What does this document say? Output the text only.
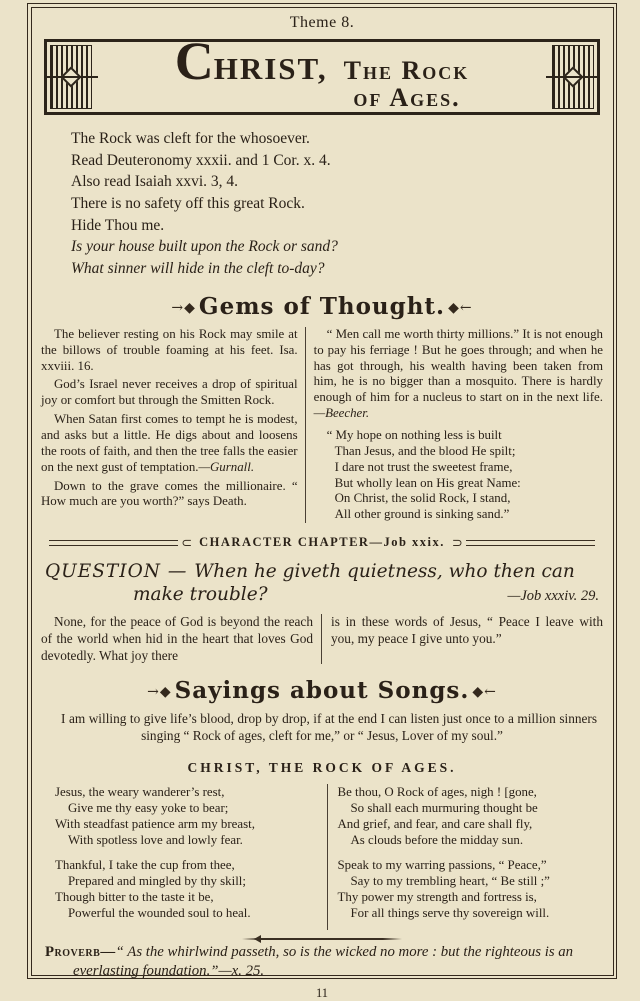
Theme 8.
C HRIST, The Rock
of Ages.
The Rock was cleft for the whosoever.
Read Deuteronomy xxxii. and 1 Cor. x. 4.
Also read Isaiah xxvi. 3, 4.
There is no safety off this great Rock.
Hide Thou me.
Is your house built upon the Rock or sand?
What sinner will hide in the cleft to-day?
→◆ Gems of Thought. ◆←

The believer resting on his Rock may smile at the billows of trouble foaming at his feet. Isa. xxviii. 16.

God’s Israel never receives a drop of spiritual joy or comfort but through the Smitten Rock.

When Satan first comes to tempt he is modest, and asks but a little. He digs about and loosens the roots of faith, and then the tree falls the easier on the next gust of temptation.—Gurnall.

Down to the grave comes the millionaire. “ How much are you worth?” says Death.

“ Men call me worth thirty millions.” It is not enough to pay his ferriage ! But he goes through; and when he has got through, his wealth having been taken from him, he is no bigger than a mosquito. There is hardly enough of him for a nucleus to start on in the next life.—Beecher.

“ My hope on nothing less is built
Than Jesus, and the blood He spilt;
I dare not trust the sweetest frame,
But wholly lean on His great Name:
On Christ, the solid Rock, I stand,
All other ground is sinking sand.”
⊂ CHARACTER CHAPTER—Job xxix. ⊃
QUESTION — When he giveth quietness, who then can
make trouble?	—Job xxxiv. 29.
None, for the peace of God is beyond the reach of the world when hid in the heart that loves God devotedly. What joy there
is in these words of Jesus, “ Peace I leave with you, my peace I give unto you.”
→◆ Sayings about Songs. ◆←

I am willing to give life’s blood, drop by drop, if at the end I can listen just once to a million sinners singing “ Rock of ages, cleft for me,” or “ Jesus, Lover of my soul.”

CHRIST, THE ROCK OF AGES.
Jesus, the weary wanderer’s rest,
Give me thy easy yoke to bear;
With steadfast patience arm my breast,
With spotless love and lowly fear.
Thankful, I take the cup from thee,
Prepared and mingled by thy skill;
Though bitter to the taste it be,
Powerful the wounded soul to heal.
Be thou, O Rock of ages, nigh ! [gone,
So shall each murmuring thought be
And grief, and fear, and care shall fly,
As clouds before the midday sun.
Speak to my warring passions, “ Peace,”
Say to my trembling heart, “ Be still ;”
Thy power my strength and fortress is,
For all things serve thy sovereign will.

Proverb—“ As the whirlwind passeth, so is the wicked no more : but the righteous is an everlasting foundation.”—x. 25.

11
